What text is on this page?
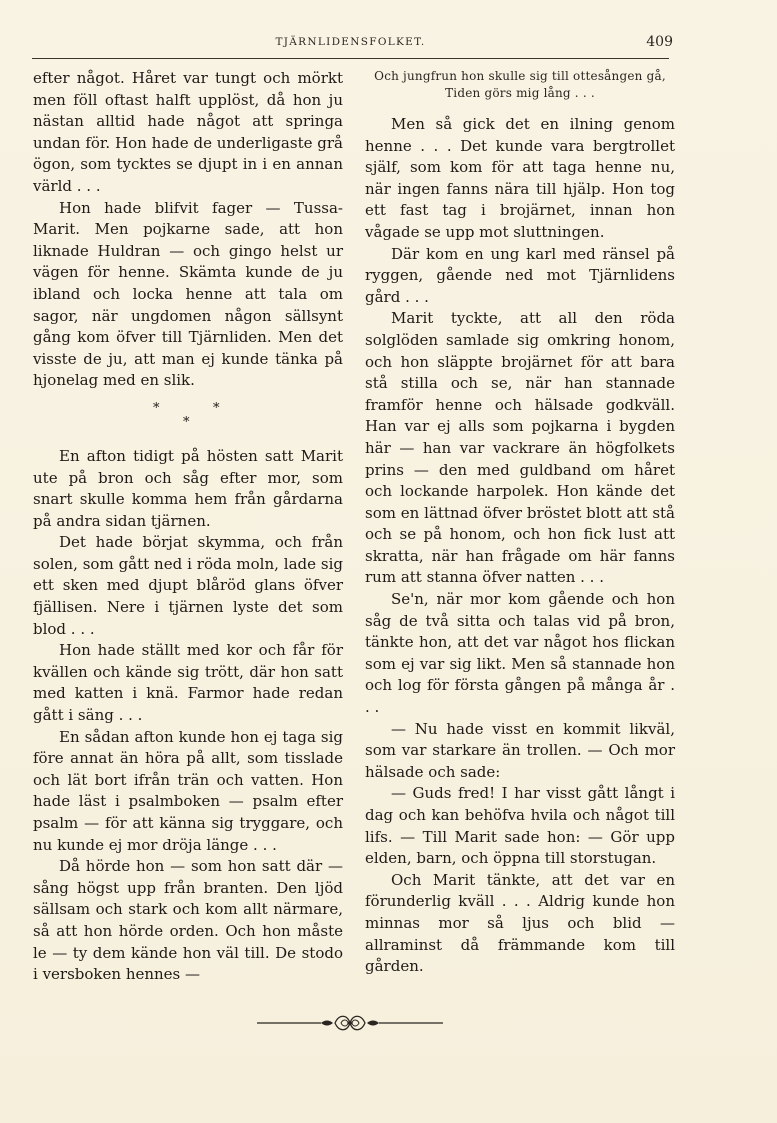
TJÄRNLIDENSFOLKET.	409

efter något. Håret var tungt och mörkt men föll oftast halft upplöst, då hon ju nästan alltid hade något att springa undan för. Hon hade de underligaste grå ögon, som tycktes se djupt in i en annan värld . . .

Hon hade blifvit fager — Tussa-Marit. Men pojkarne sade, att hon liknade Huldran — och gingo helst ur vägen för henne. Skämta kunde de ju ibland och locka henne att tala om sagor, när ungdomen någon sällsynt gång kom öfver till Tjärnliden. Men det visste de ju, att man ej kunde tänka på hjonelag med en slik.

*	*
*

En afton tidigt på hösten satt Marit ute på bron och såg efter mor, som snart skulle komma hem från gårdarna på andra sidan tjärnen.

Det hade börjat skymma, och från solen, som gått ned i röda moln, lade sig ett sken med djupt blåröd glans öfver fjällisen. Nere i tjärnen lyste det som blod . . .

Hon hade ställt med kor och får för kvällen och kände sig trött, där hon satt med katten i knä. Farmor hade redan gått i säng . . .

En sådan afton kunde hon ej taga sig före annat än höra på allt, som tisslade och lät bort ifrån trän och vatten. Hon hade läst i psalmboken — psalm efter psalm — för att känna sig tryggare, och nu kunde ej mor dröja länge . . .

Då hörde hon — som hon satt där — sång högst upp från branten. Den ljöd sällsam och stark och kom allt närmare, så att hon hörde orden. Och hon måste le — ty dem kände hon väl till. De stodo i versboken hennes —

Och jungfrun hon skulle sig till ottesången gå,
Tiden görs mig lång . . .

Men så gick det en ilning genom henne . . . Det kunde vara bergtrollet själf, som kom för att taga henne nu, när ingen fanns nära till hjälp. Hon tog ett fast tag i brojärnet, innan hon vågade se upp mot sluttningen.

Där kom en ung karl med ränsel på ryggen, gående ned mot Tjärnlidens gård . . .

Marit tyckte, att all den röda solglöden samlade sig omkring honom, och hon släppte brojärnet för att bara stå stilla och se, när han stannade framför henne och hälsade godkväll. Han var ej alls som pojkarna i bygden här — han var vackrare än högfolkets prins — den med guldband om håret och lockande harpolek. Hon kände det som en lättnad öfver bröstet blott att stå och se på honom, och hon fick lust att skratta, när han frågade om här fanns rum att stanna öfver natten . . .

Se'n, när mor kom gående och hon såg de två sitta och talas vid på bron, tänkte hon, att det var något hos flickan som ej var sig likt. Men så stannade hon och log för första gången på många år . . .

— Nu hade visst en kommit likväl, som var starkare än trollen. — Och mor hälsade och sade:

— Guds fred! I har visst gått långt i dag och kan behöfva hvila och något till lifs. — Till Marit sade hon: — Gör upp elden, barn, och öppna till storstugan.

Och Marit tänkte, att det var en förunderlig kväll . . . Aldrig kunde hon minnas mor så ljus och blid — allraminst då främmande kom till gården.
